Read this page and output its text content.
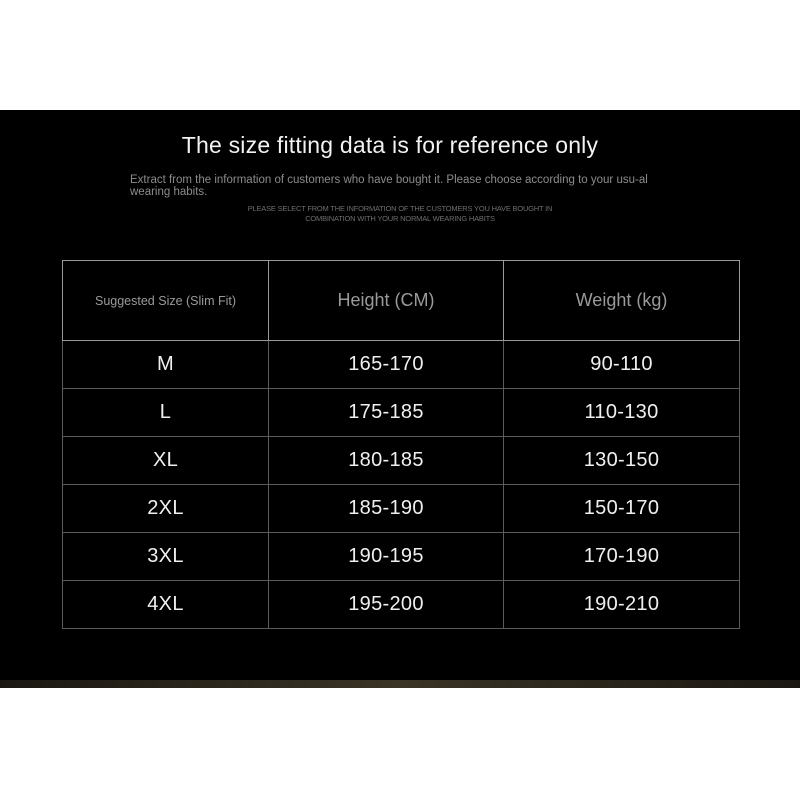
The size fitting data is for reference only
Extract from the information of customers who have bought it. Please choose according to your usu-al wearing habits.
PLEASE SELECT FROM THE INFORMATION OF THE CUSTOMERS YOU HAVE BOUGHT IN
COMBINATION WITH YOUR NORMAL WEARING HABITS
Suggested Size (Slim Fit)	Height (CM)	Weight (kg)
M	165-170	90-110
L	175-185	110-130
XL	180-185	130-150
2XL	185-190	150-170
3XL	190-195	170-190
4XL	195-200	190-210
